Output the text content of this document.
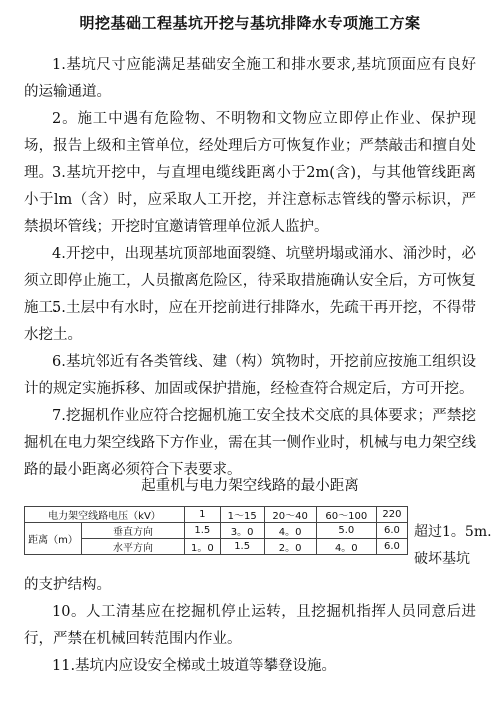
明挖基础工程基坑开挖与基坑排降水专项施工方案
1.基坑尺寸应能满足基础安全施工和排水要求,基坑顶面应有良好的运输通道。
2。施工中遇有危险物、不明物和文物应立即停止作业、保护现场，报告上级和主管单位，经处理后方可恢复作业；严禁敲击和擅自处理。 3.基坑开挖中，与直埋电缆线距离小于2m(含)，与其他管线距离小于lm（含）时，应采取人工开挖，并注意标志管线的警示标识，严禁损坏管线；开挖时宜邀请管理单位派人监护。
4.开挖中，出现基坑顶部地面裂缝、坑壁坍塌或涌水、涌沙时，必须立即停止施工，人员撤离危险区，待采取措施确认安全后，方可恢复施工.
5.土层中有水时，应在开挖前进行排降水，先疏干再开挖，不得带水挖土。
6.基坑邻近有各类管线、建（构）筑物时，开挖前应按施工组织设计的规定实施拆移、加固或保护措施，经检查符合规定后，方可开挖。
7.挖掘机作业应符合挖掘机施工安全技术交底的具体要求；严禁挖掘机在电力架空线路下方作业，需在其一侧作业时，机械与电力架空线路的最小距离必须符合下表要求。
起重机与电力架空线路的最小距离
电力架空线路电压（kV）		1	1～15	20～40	60～100	220
距离（m）	垂直方向	1.5	3。0	4。0	5.0	6.0
	水平方向	1。0	1.5	2。0	4。0	6.0
超过1。5m.
破坏基坑
的支护结构。
10。人工清基应在挖掘机停止运转，且挖掘机指挥人员同意后进行，严禁在机械回转范围内作业。
11.基坑内应设安全梯或土坡道等攀登设施。
